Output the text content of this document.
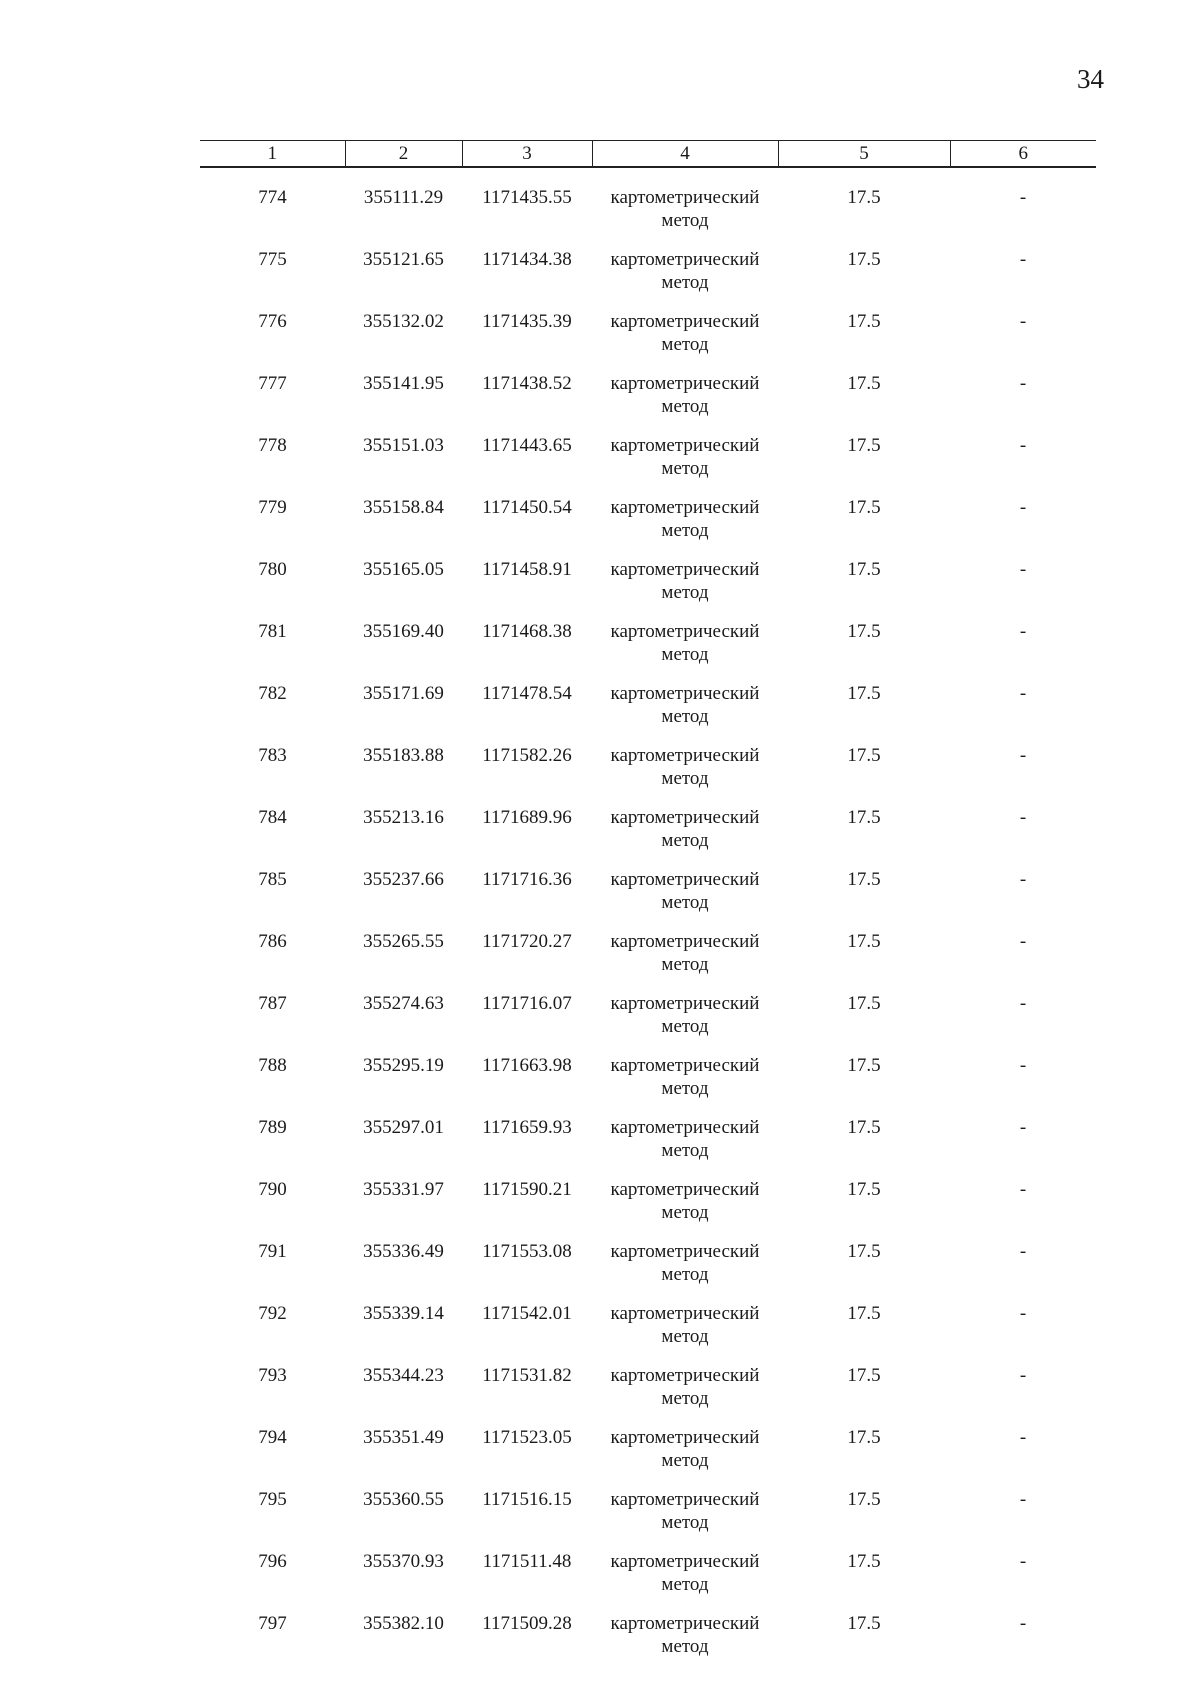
34
1	2	3	4	5	6

774	355111.29	1171435.55	картометрический
метод	17.5	-

775	355121.65	1171434.38	картометрический
метод	17.5	-

776	355132.02	1171435.39	картометрический
метод	17.5	-

777	355141.95	1171438.52	картометрический
метод	17.5	-

778	355151.03	1171443.65	картометрический
метод	17.5	-

779	355158.84	1171450.54	картометрический
метод	17.5	-

780	355165.05	1171458.91	картометрический
метод	17.5	-

781	355169.40	1171468.38	картометрический
метод	17.5	-

782	355171.69	1171478.54	картометрический
метод	17.5	-

783	355183.88	1171582.26	картометрический
метод	17.5	-

784	355213.16	1171689.96	картометрический
метод	17.5	-

785	355237.66	1171716.36	картометрический
метод	17.5	-

786	355265.55	1171720.27	картометрический
метод	17.5	-

787	355274.63	1171716.07	картометрический
метод	17.5	-

788	355295.19	1171663.98	картометрический
метод	17.5	-

789	355297.01	1171659.93	картометрический
метод	17.5	-

790	355331.97	1171590.21	картометрический
метод	17.5	-

791	355336.49	1171553.08	картометрический
метод	17.5	-

792	355339.14	1171542.01	картометрический
метод	17.5	-

793	355344.23	1171531.82	картометрический
метод	17.5	-

794	355351.49	1171523.05	картометрический
метод	17.5	-

795	355360.55	1171516.15	картометрический
метод	17.5	-

796	355370.93	1171511.48	картометрический
метод	17.5	-

797	355382.10	1171509.28	картометрический
метод	17.5	-
